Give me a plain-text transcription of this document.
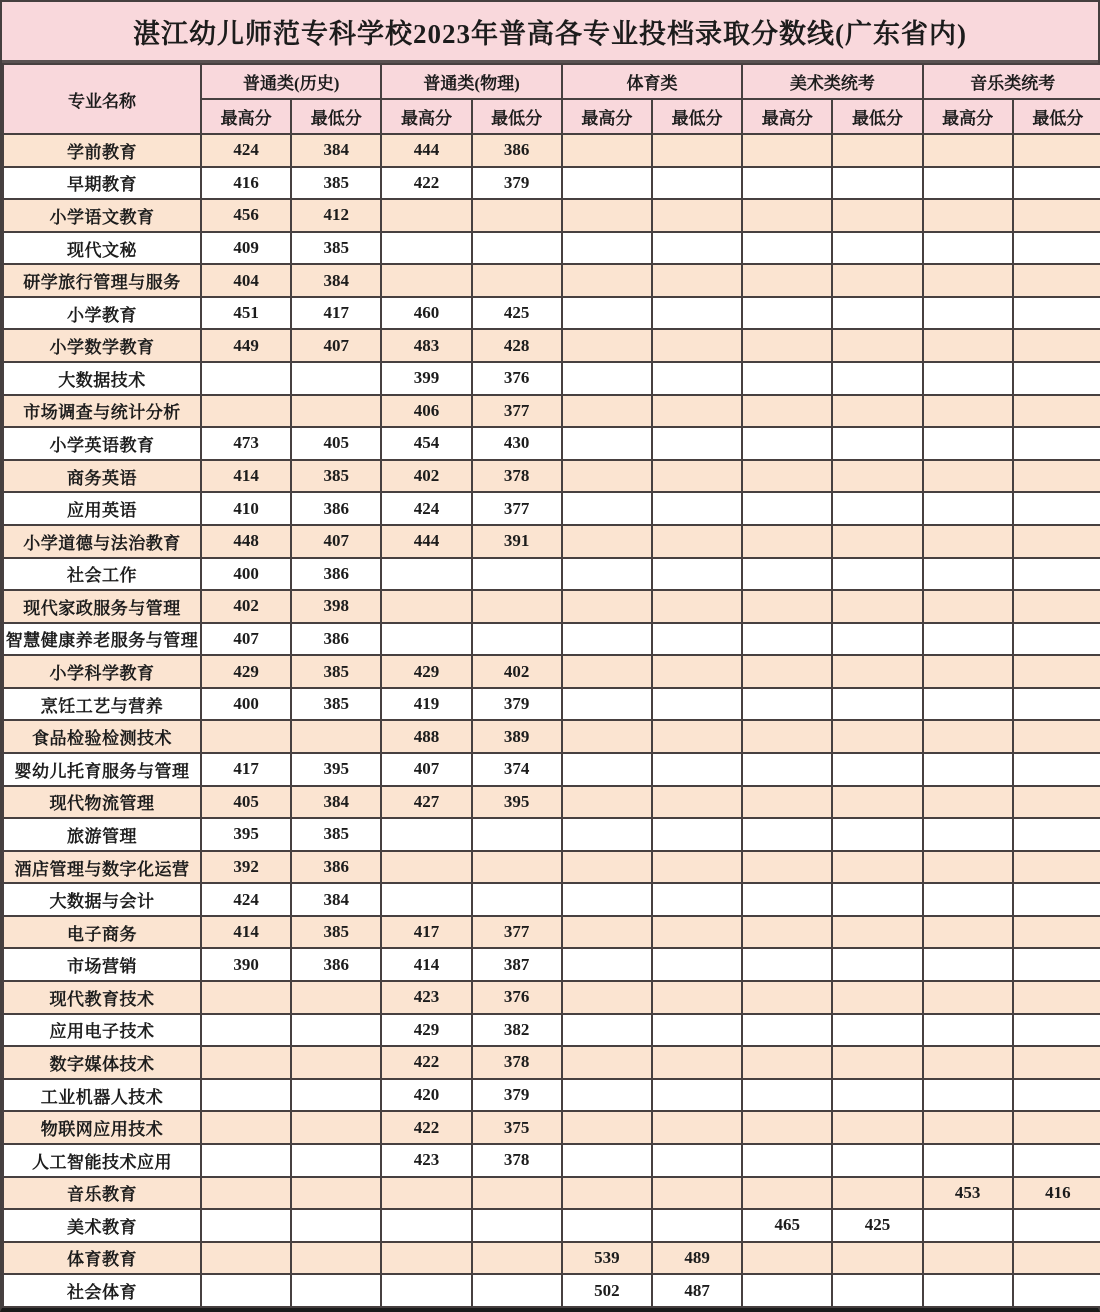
湛江幼儿师范专科学校2023年普高各专业投档录取分数线(广东省内)
专业名称	普通类(历史)		普通类(物理)		体育类		美术类统考		音乐类统考	
	最高分	最低分	最高分	最低分	最高分	最低分	最高分	最低分	最高分	最低分
学前教育	424	384	444	386						
早期教育	416	385	422	379						
小学语文教育	456	412								
现代文秘	409	385								
研学旅行管理与服务	404	384								
小学教育	451	417	460	425						
小学数学教育	449	407	483	428						
大数据技术			399	376						
市场调查与统计分析			406	377						
小学英语教育	473	405	454	430						
商务英语	414	385	402	378						
应用英语	410	386	424	377						
小学道德与法治教育	448	407	444	391						
社会工作	400	386								
现代家政服务与管理	402	398								
智慧健康养老服务与管理	407	386								
小学科学教育	429	385	429	402						
烹饪工艺与营养	400	385	419	379						
食品检验检测技术			488	389						
婴幼儿托育服务与管理	417	395	407	374						
现代物流管理	405	384	427	395						
旅游管理	395	385								
酒店管理与数字化运营	392	386								
大数据与会计	424	384								
电子商务	414	385	417	377						
市场营销	390	386	414	387						
现代教育技术			423	376						
应用电子技术			429	382						
数字媒体技术			422	378						
工业机器人技术			420	379						
物联网应用技术			422	375						
人工智能技术应用			423	378						
音乐教育									453	416
美术教育							465	425		
体育教育					539	489				
社会体育					502	487				
